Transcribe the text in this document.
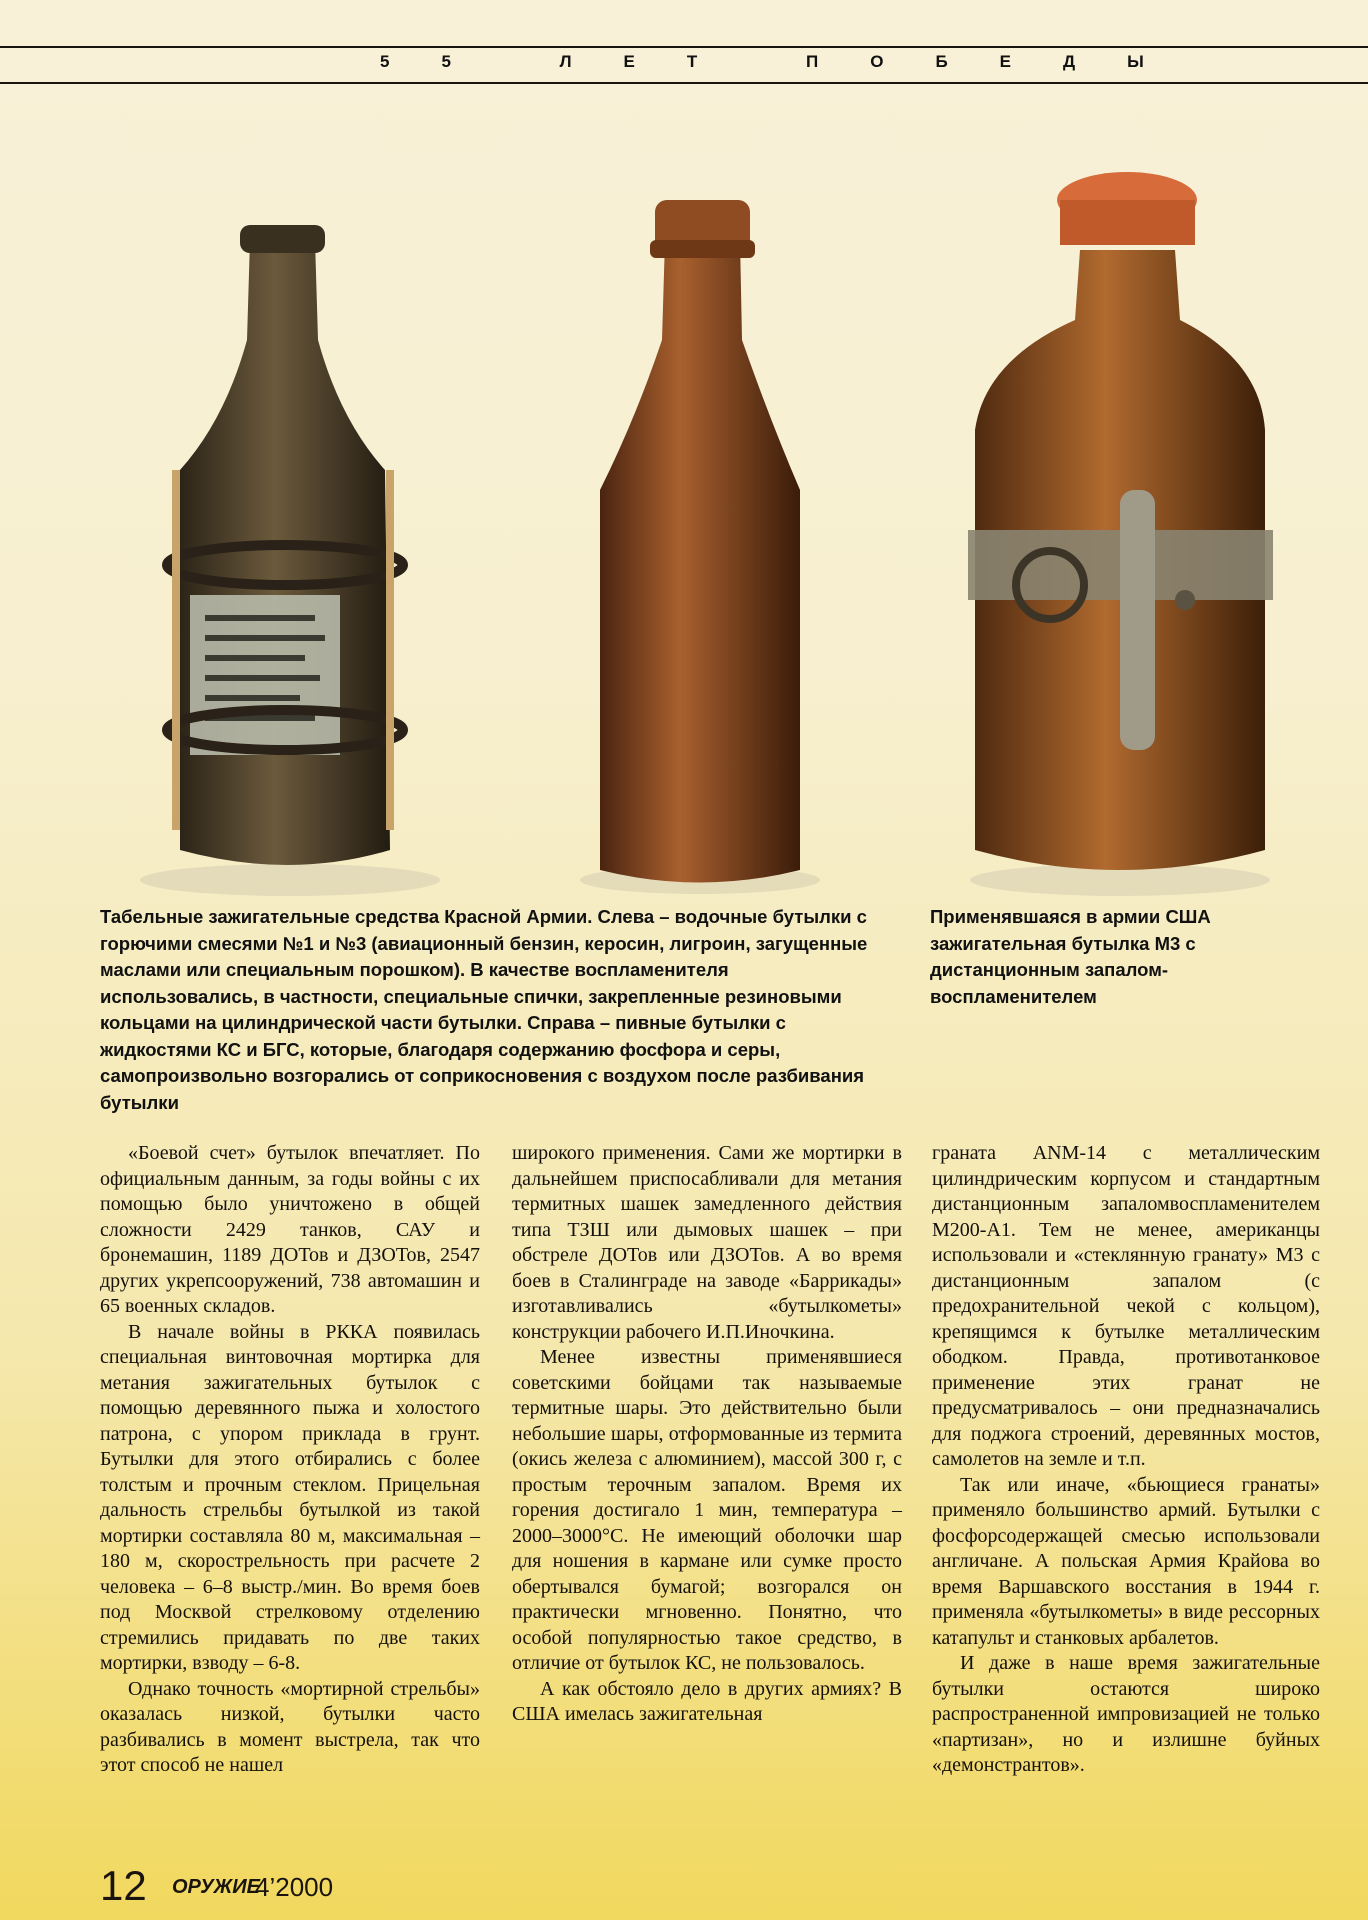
55 ЛЕТ ПОБЕДЫ
Табельные зажигательные средства Красной Армии. Слева – водочные бутылки с горючими смесями №1 и №3 (авиационный бензин, керосин, лигроин, загущенные маслами или специальным порошком). В качестве воспламенителя использовались, в частности, специальные спички, закрепленные резиновыми кольцами на цилиндрической части бутылки. Справа – пивные бутылки с жидкостями КС и БГС, которые, благодаря содержанию фосфора и серы, самопроизвольно возгорались от соприкосновения с воздухом после разбивания бутылки
Применявшаяся в армии США зажигательная бутылка М3 с дистанционным запалом-воспламенителем

«Боевой счет» бутылок впечатляет. По официальным данным, за годы войны с их помощью было уничтожено в общей сложности 2429 танков, САУ и бронемашин, 1189 ДОТов и ДЗОТов, 2547 других укрепсооружений, 738 автомашин и 65 военных складов.

В начале войны в РККА появилась специальная винтовочная мортирка для метания зажигательных бутылок с помощью деревянного пыжа и холостого патрона, с упором приклада в грунт. Бутылки для этого отбирались с более толстым и прочным стеклом. Прицельная дальность стрельбы бутылкой из такой мортирки составляла 80 м, максимальная – 180 м, скорострельность при расчете 2 человека – 6–8 выстр./мин. Во время боев под Москвой стрелковому отделению стремились придавать по две таких мортирки, взводу – 6-8.

Однако точность «мортирной стрельбы» оказалась низкой, бутылки часто разбивались в момент выстрела, так что этот способ не нашел

широкого применения. Сами же мортирки в дальнейшем приспосабливали для метания термитных шашек замедленного действия типа ТЗШ или дымовых шашек – при обстреле ДОТов или ДЗОТов. А во время боев в Сталинграде на заводе «Баррикады» изготавливались «бутылкометы» конструкции рабочего И.П.Иночкина.

Менее известны применявшиеся советскими бойцами так называемые термитные шары. Это действительно были небольшие шары, отформованные из термита (окись железа с алюминием), массой 300 г, с простым терочным запалом. Время их горения достигало 1 мин, температура – 2000–3000°С. Не имеющий оболочки шар для ношения в кармане или сумке просто обертывался бумагой; возгорался он практически мгновенно. Понятно, что особой популярностью такое средство, в отличие от бутылок КС, не пользовалось.

А как обстояло дело в других армиях? В США имелась зажигательная

граната ANM-14 с металлическим цилиндрическим корпусом и стандартным дистанционным запаломвоспламенителем М200-А1. Тем не менее, американцы использовали и «стеклянную гранату» М3 с дистанционным запалом (с предохранительной чекой с кольцом), крепящимся к бутылке металлическим ободком. Правда, противотанковое применение этих гранат не предусматривалось – они предназначались для поджога строений, деревянных мостов, самолетов на земле и т.п.

Так или иначе, «бьющиеся гранаты» применяло большинство армий. Бутылки с фосфорсодержащей смесью использовали англичане. А польская Армия Крайова во время Варшавского восстания в 1944 г. применяла «бутылкометы» в виде рессорных катапульт и станковых арбалетов.

И даже в наше время зажигательные бутылки остаются широко распространенной импровизацией не только «партизан», но и излишне буйных «демонстрантов».

12 ОРУЖИЕ
4’2000
